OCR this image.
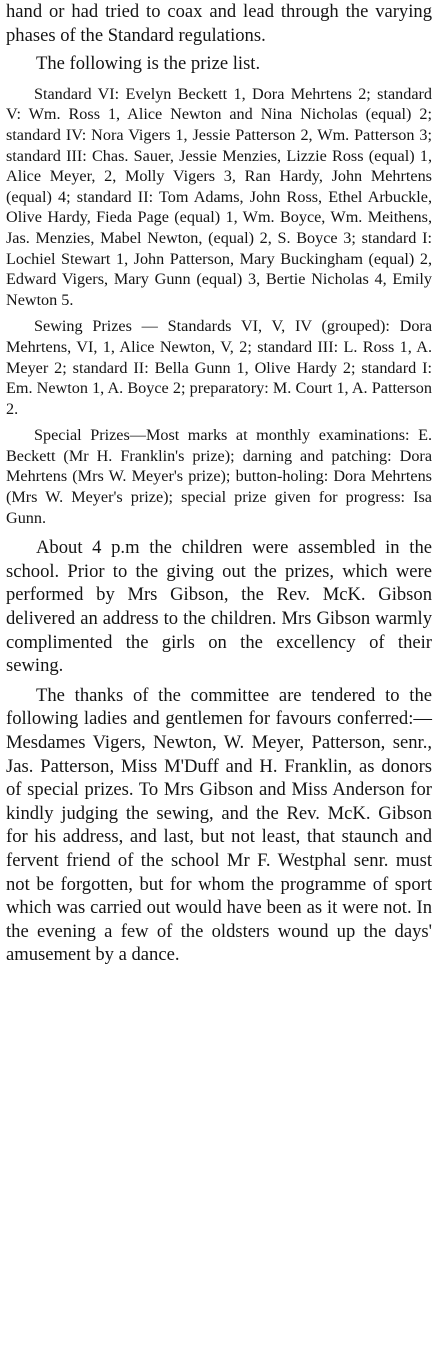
hand or had tried to coax and lead through the varying phases of the Standard regulations.

The following is the prize list.

Standard VI: Evelyn Beckett 1, Dora Mehrtens 2; standard V: Wm. Ross 1, Alice Newton and Nina Nicholas (equal) 2; standard IV: Nora Vigers 1, Jessie Patterson 2, Wm. Patterson 3; standard III: Chas. Sauer, Jessie Menzies, Lizzie Ross (equal) 1, Alice Meyer, 2, Molly Vigers 3, Ran Hardy, John Mehrtens (equal) 4; standard II: Tom Adams, John Ross, Ethel Arbuckle, Olive Hardy, Fieda Page (equal) 1, Wm. Boyce, Wm. Meithens, Jas. Menzies, Mabel Newton, (equal) 2, S. Boyce 3; standard I: Lochiel Stewart 1, John Patterson, Mary Buckingham (equal) 2, Edward Vigers, Mary Gunn (equal) 3, Bertie Nicholas 4, Emily Newton 5.

Sewing Prizes — Standards VI, V, IV (grouped): Dora Mehrtens, VI, 1, Alice Newton, V, 2; standard III: L. Ross 1, A. Meyer 2; standard II: Bella Gunn 1, Olive Hardy 2; standard I: Em. Newton 1, A. Boyce 2; preparatory: M. Court 1, A. Patterson 2.

Special Prizes—Most marks at monthly examinations: E. Beckett (Mr H. Franklin's prize); darning and patching: Dora Mehrtens (Mrs W. Meyer's prize); button-holing: Dora Mehrtens (Mrs W. Meyer's prize); special prize given for progress: Isa Gunn.

About 4 p.m the children were assembled in the school. Prior to the giving out the prizes, which were performed by Mrs Gibson, the Rev. McK. Gibson delivered an address to the children. Mrs Gibson warmly complimented the girls on the excellency of their sewing.

The thanks of the committee are tendered to the following ladies and gentlemen for favours conferred:— Mesdames Vigers, Newton, W. Meyer, Patterson, senr., Jas. Patterson, Miss M'Duff and H. Franklin, as donors of special prizes. To Mrs Gibson and Miss Anderson for kindly judging the sewing, and the Rev. McK. Gibson for his address, and last, but not least, that staunch and fervent friend of the school Mr F. Westphal senr. must not be forgotten, but for whom the programme of sport which was carried out would have been as it were not. In the evening a few of the oldsters wound up the days' amusement by a dance.
